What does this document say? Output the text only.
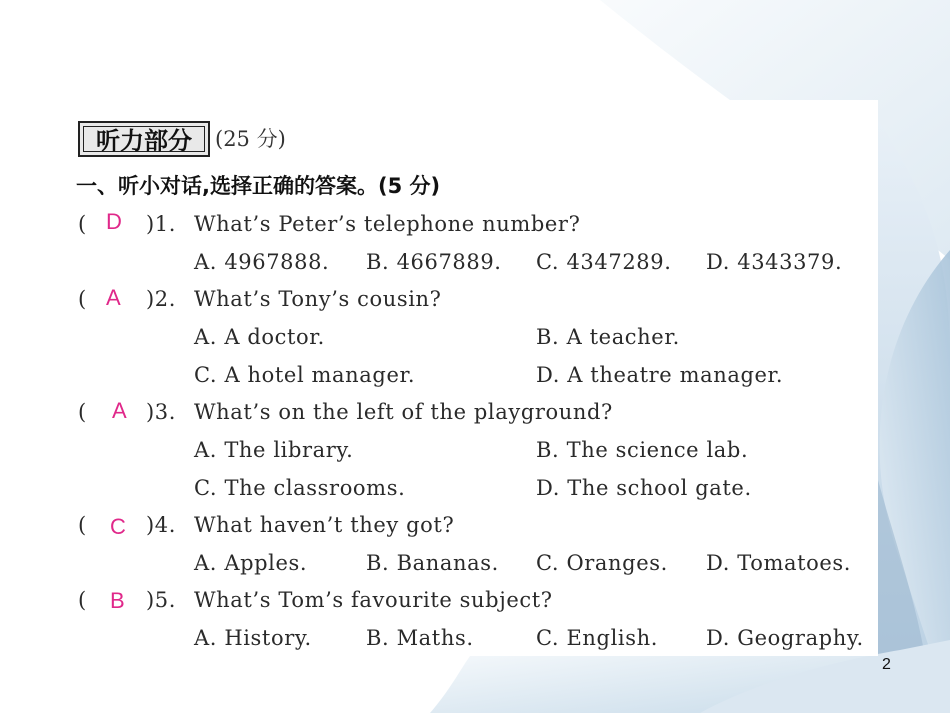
听力部分	(25 分)
一、听小对话,选择正确的答案。(5 分)
( D )1. What’s Peter’s telephone number?
A. 4967888. B. 4667889. C. 4347289. D. 4343379.
( A )2. What’s Tony’s cousin?
A. A doctor.	B. A teacher.
C. A hotel manager.	D. A theatre manager.
( A )3. What’s on the left of the playground?
A. The library.	B. The science lab.
C. The classrooms.	D. The school gate.
( C )4. What haven’t they got?
A. Apples.	B. Bananas. C. Oranges. D. Tomatoes.
( B )5. What’s Tom’s favourite subject?
A. History.	B. Maths.	C. English. D. Geography.
2
